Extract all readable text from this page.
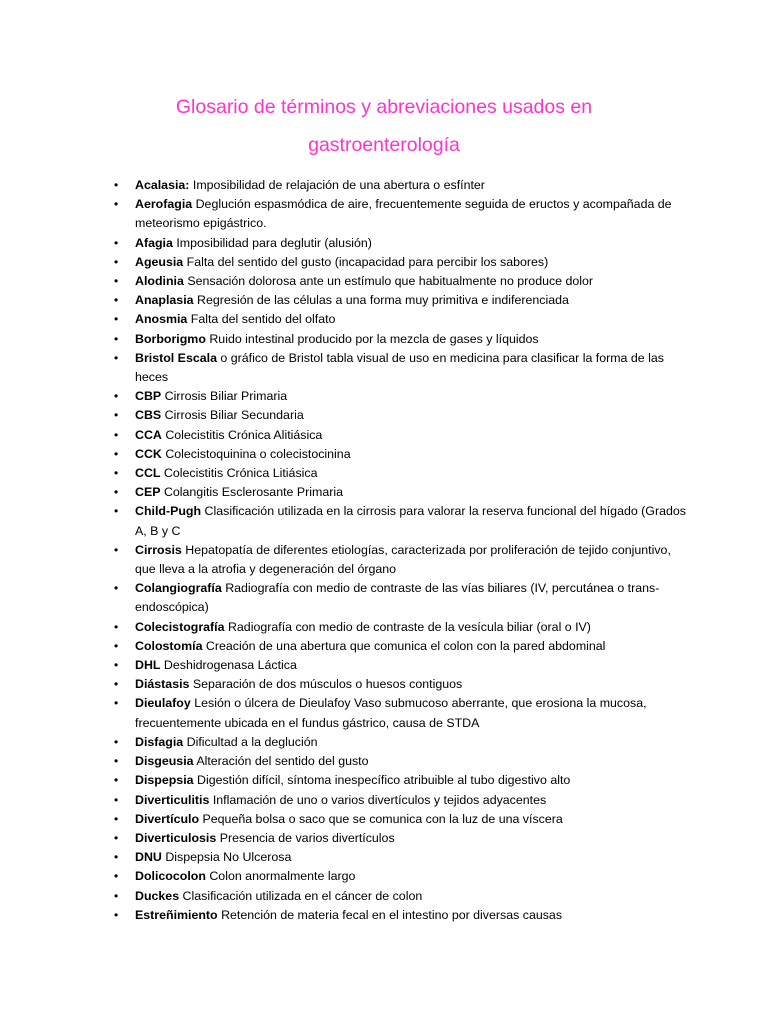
Glosario de términos y abreviaciones usados en
gastroenterología
• Acalasia: Imposibilidad de relajación de una abertura o esfínter
• Aerofagia Deglución espasmódica de aire, frecuentemente seguida de eructos y acompañada de meteorismo epigástrico.
• Afagia Imposibilidad para deglutir (alusión)
• Ageusia Falta del sentido del gusto (incapacidad para percibir los sabores)
• Alodinia Sensación dolorosa ante un estímulo que habitualmente no produce dolor
• Anaplasia Regresión de las células a una forma muy primitiva e indiferenciada
• Anosmia Falta del sentido del olfato
• Borborigmo Ruido intestinal producido por la mezcla de gases y líquidos
• Bristol Escala o gráfico de Bristol tabla visual de uso en medicina para clasificar la forma de las heces
• CBP Cirrosis Biliar Primaria
• CBS Cirrosis Biliar Secundaria
• CCA Colecistitis Crónica Alitiásica
• CCK Colecistoquinina o colecistocinina
• CCL Colecistitis Crónica Litiásica
• CEP Colangitis Esclerosante Primaria
• Child-Pugh Clasificación utilizada en la cirrosis para valorar la reserva funcional del hígado (Grados A, B y C
• Cirrosis Hepatopatía de diferentes etiologías, caracterizada por proliferación de tejido conjuntivo, que lleva a la atrofia y degeneración del órgano
• Colangiografía Radiografía con medio de contraste de las vías biliares (IV, percutánea o trans-endoscópica)
• Colecistografía Radiografía con medio de contraste de la vesícula biliar (oral o IV)
• Colostomía Creación de una abertura que comunica el colon con la pared abdominal
• DHL Deshidrogenasa Láctica
• Diástasis Separación de dos músculos o huesos contiguos
• Dieulafoy Lesión o úlcera de Dieulafoy Vaso submucoso aberrante, que erosiona la mucosa, frecuentemente ubicada en el fundus gástrico, causa de STDA
• Disfagia Dificultad a la deglución
• Disgeusia Alteración del sentido del gusto
• Dispepsia Digestión difícil, síntoma inespecífico atribuible al tubo digestivo alto
• Diverticulitis Inflamación de uno o varios divertículos y tejidos adyacentes
• Divertículo Pequeña bolsa o saco que se comunica con la luz de una víscera
• Diverticulosis Presencia de varios divertículos
• DNU Dispepsia No Ulcerosa
• Dolicocolon Colon anormalmente largo
• Duckes Clasificación utilizada en el cáncer de colon
• Estreñimiento Retención de materia fecal en el intestino por diversas causas
